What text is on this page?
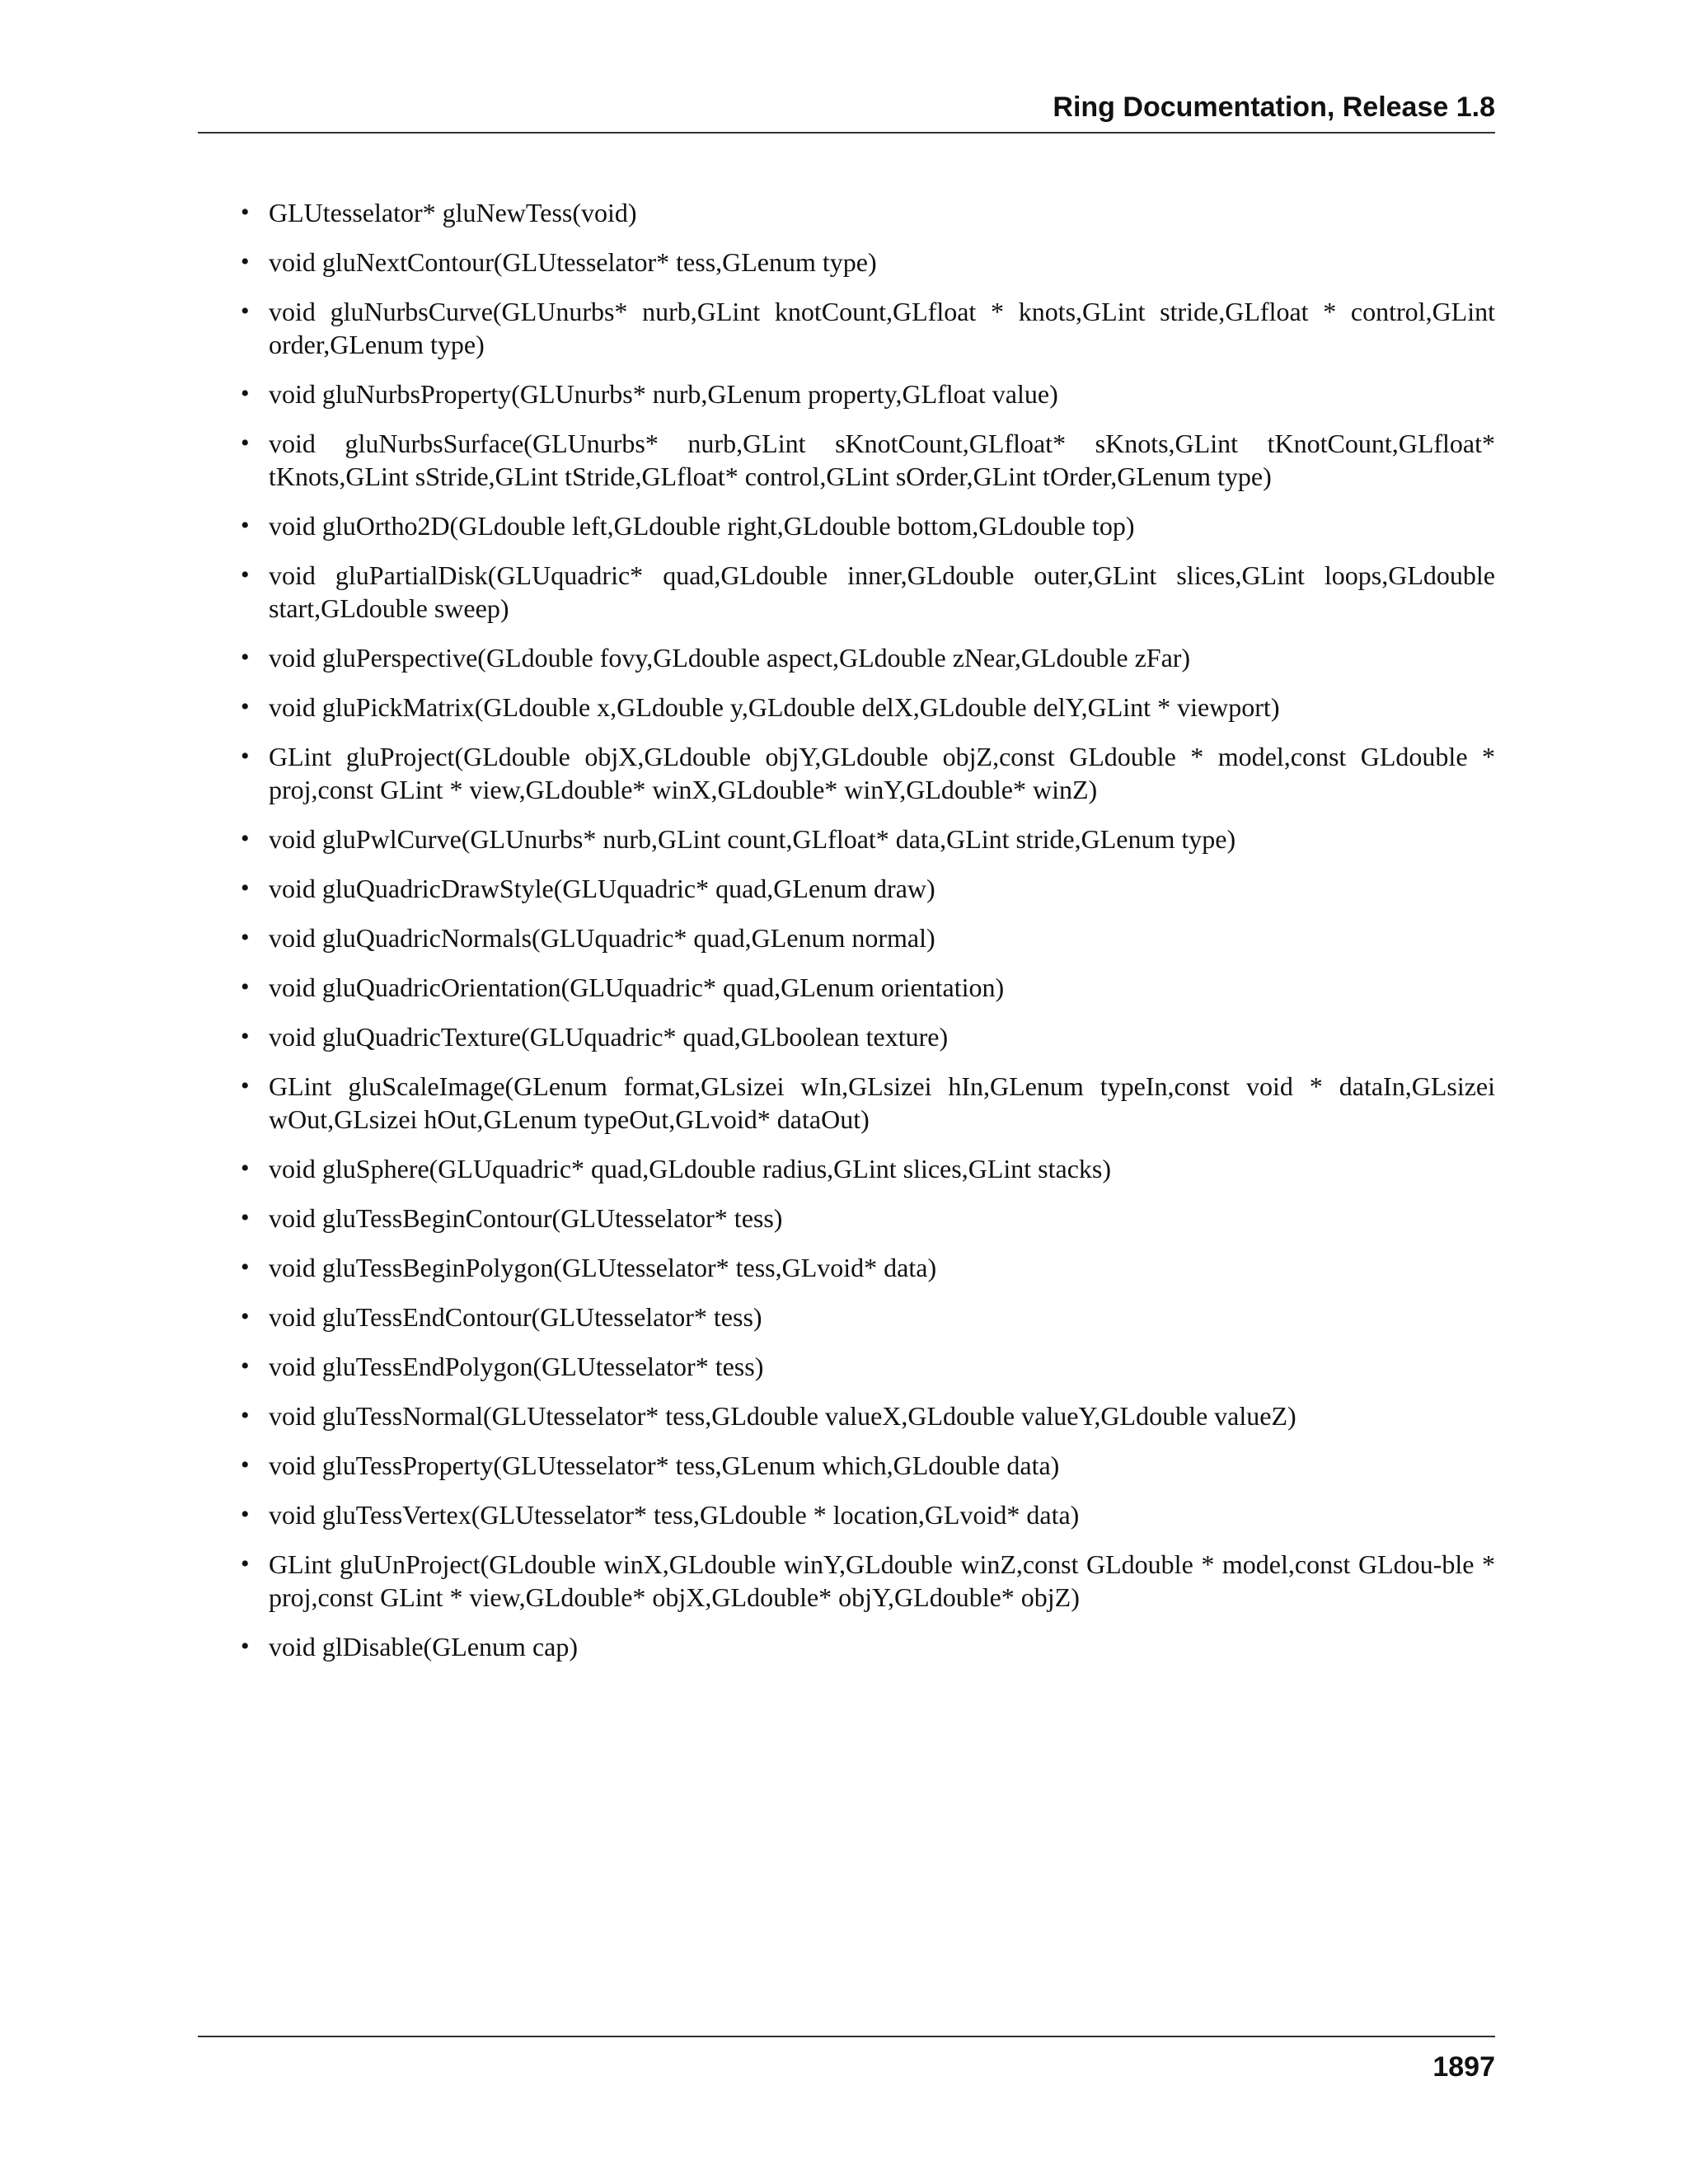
Ring Documentation, Release 1.8
• GLUtesselator* gluNewTess(void)
• void gluNextContour(GLUtesselator* tess,GLenum type)
• void gluNurbsCurve(GLUnurbs* nurb,GLint knotCount,GLfloat * knots,GLint stride,GLfloat * control,GLint order,GLenum type)
• void gluNurbsProperty(GLUnurbs* nurb,GLenum property,GLfloat value)
• void gluNurbsSurface(GLUnurbs* nurb,GLint sKnotCount,GLfloat* sKnots,GLint tKnotCount,GLfloat* tKnots,GLint sStride,GLint tStride,GLfloat* control,GLint sOrder,GLint tOrder,GLenum type)
• void gluOrtho2D(GLdouble left,GLdouble right,GLdouble bottom,GLdouble top)
• void gluPartialDisk(GLUquadric* quad,GLdouble inner,GLdouble outer,GLint slices,GLint loops,GLdouble start,GLdouble sweep)
• void gluPerspective(GLdouble fovy,GLdouble aspect,GLdouble zNear,GLdouble zFar)
• void gluPickMatrix(GLdouble x,GLdouble y,GLdouble delX,GLdouble delY,GLint * viewport)
• GLint gluProject(GLdouble objX,GLdouble objY,GLdouble objZ,const GLdouble * model,const GLdouble * proj,const GLint * view,GLdouble* winX,GLdouble* winY,GLdouble* winZ)
• void gluPwlCurve(GLUnurbs* nurb,GLint count,GLfloat* data,GLint stride,GLenum type)
• void gluQuadricDrawStyle(GLUquadric* quad,GLenum draw)
• void gluQuadricNormals(GLUquadric* quad,GLenum normal)
• void gluQuadricOrientation(GLUquadric* quad,GLenum orientation)
• void gluQuadricTexture(GLUquadric* quad,GLboolean texture)
• GLint gluScaleImage(GLenum format,GLsizei wIn,GLsizei hIn,GLenum typeIn,const void * dataIn,GLsizei wOut,GLsizei hOut,GLenum typeOut,GLvoid* dataOut)
• void gluSphere(GLUquadric* quad,GLdouble radius,GLint slices,GLint stacks)
• void gluTessBeginContour(GLUtesselator* tess)
• void gluTessBeginPolygon(GLUtesselator* tess,GLvoid* data)
• void gluTessEndContour(GLUtesselator* tess)
• void gluTessEndPolygon(GLUtesselator* tess)
• void gluTessNormal(GLUtesselator* tess,GLdouble valueX,GLdouble valueY,GLdouble valueZ)
• void gluTessProperty(GLUtesselator* tess,GLenum which,GLdouble data)
• void gluTessVertex(GLUtesselator* tess,GLdouble * location,GLvoid* data)
• GLint gluUnProject(GLdouble winX,GLdouble winY,GLdouble winZ,const GLdouble * model,const GLdou-ble * proj,const GLint * view,GLdouble* objX,GLdouble* objY,GLdouble* objZ)
• void glDisable(GLenum cap)
1897
